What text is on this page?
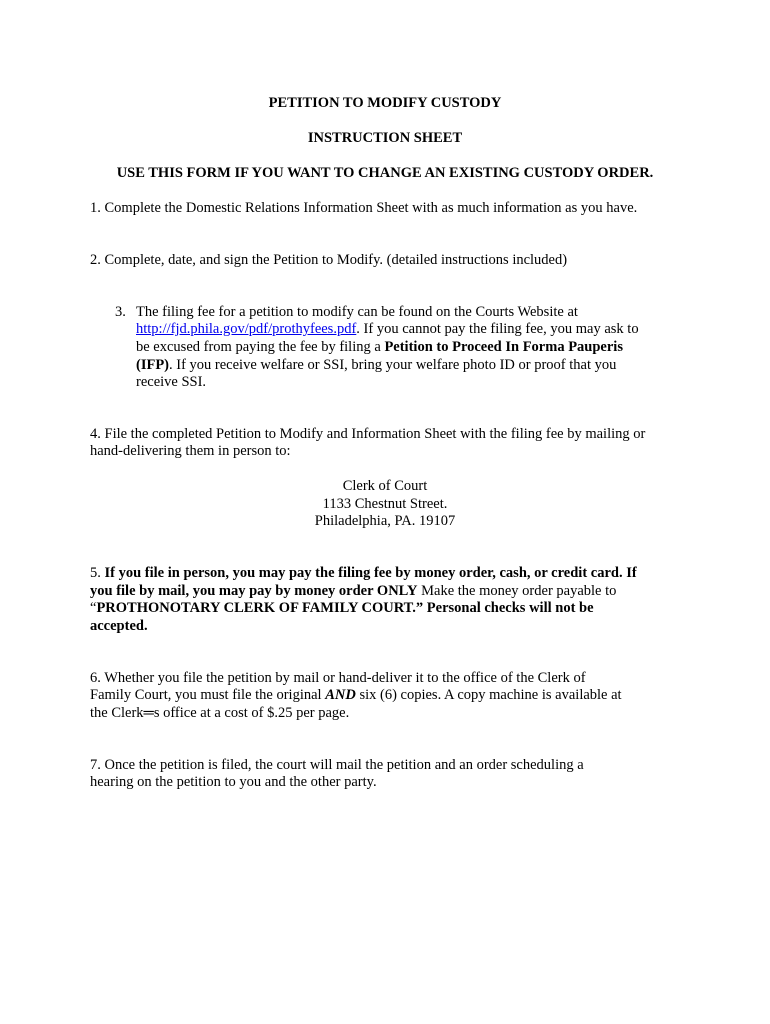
PETITION TO MODIFY CUSTODY
INSTRUCTION SHEET
USE THIS FORM IF YOU WANT TO CHANGE AN EXISTING CUSTODY ORDER.
1. Complete the Domestic Relations Information Sheet with as much information as you have.
2. Complete, date, and sign the Petition to Modify. (detailed instructions included)
3. The filing fee for a petition to modify can be found on the Courts Website at
http://fjd.phila.gov/pdf/prothyfees.pdf. If you cannot pay the filing fee, you may ask to
be excused from paying the fee by filing a Petition to Proceed In Forma Pauperis
(IFP). If you receive welfare or SSI, bring your welfare photo ID or proof that you
receive SSI.
4. File the completed Petition to Modify and Information Sheet with the filing fee by mailing or
hand-delivering them in person to:
Clerk of Court
1133 Chestnut Street.
Philadelphia, PA. 19107
5. If you file in person, you may pay the filing fee by money order, cash, or credit card. If
you file by mail, you may pay by money order ONLY Make the money order payable to
“PROTHONOTARY CLERK OF FAMILY COURT.” Personal checks will not be
accepted.
6. Whether you file the petition by mail or hand-deliver it to the office of the Clerk of
Family Court, you must file the original AND six (6) copies. A copy machine is available at
the Clerk═s office at a cost of $.25 per page.
7. Once the petition is filed, the court will mail the petition and an order scheduling a
hearing on the petition to you and the other party.
